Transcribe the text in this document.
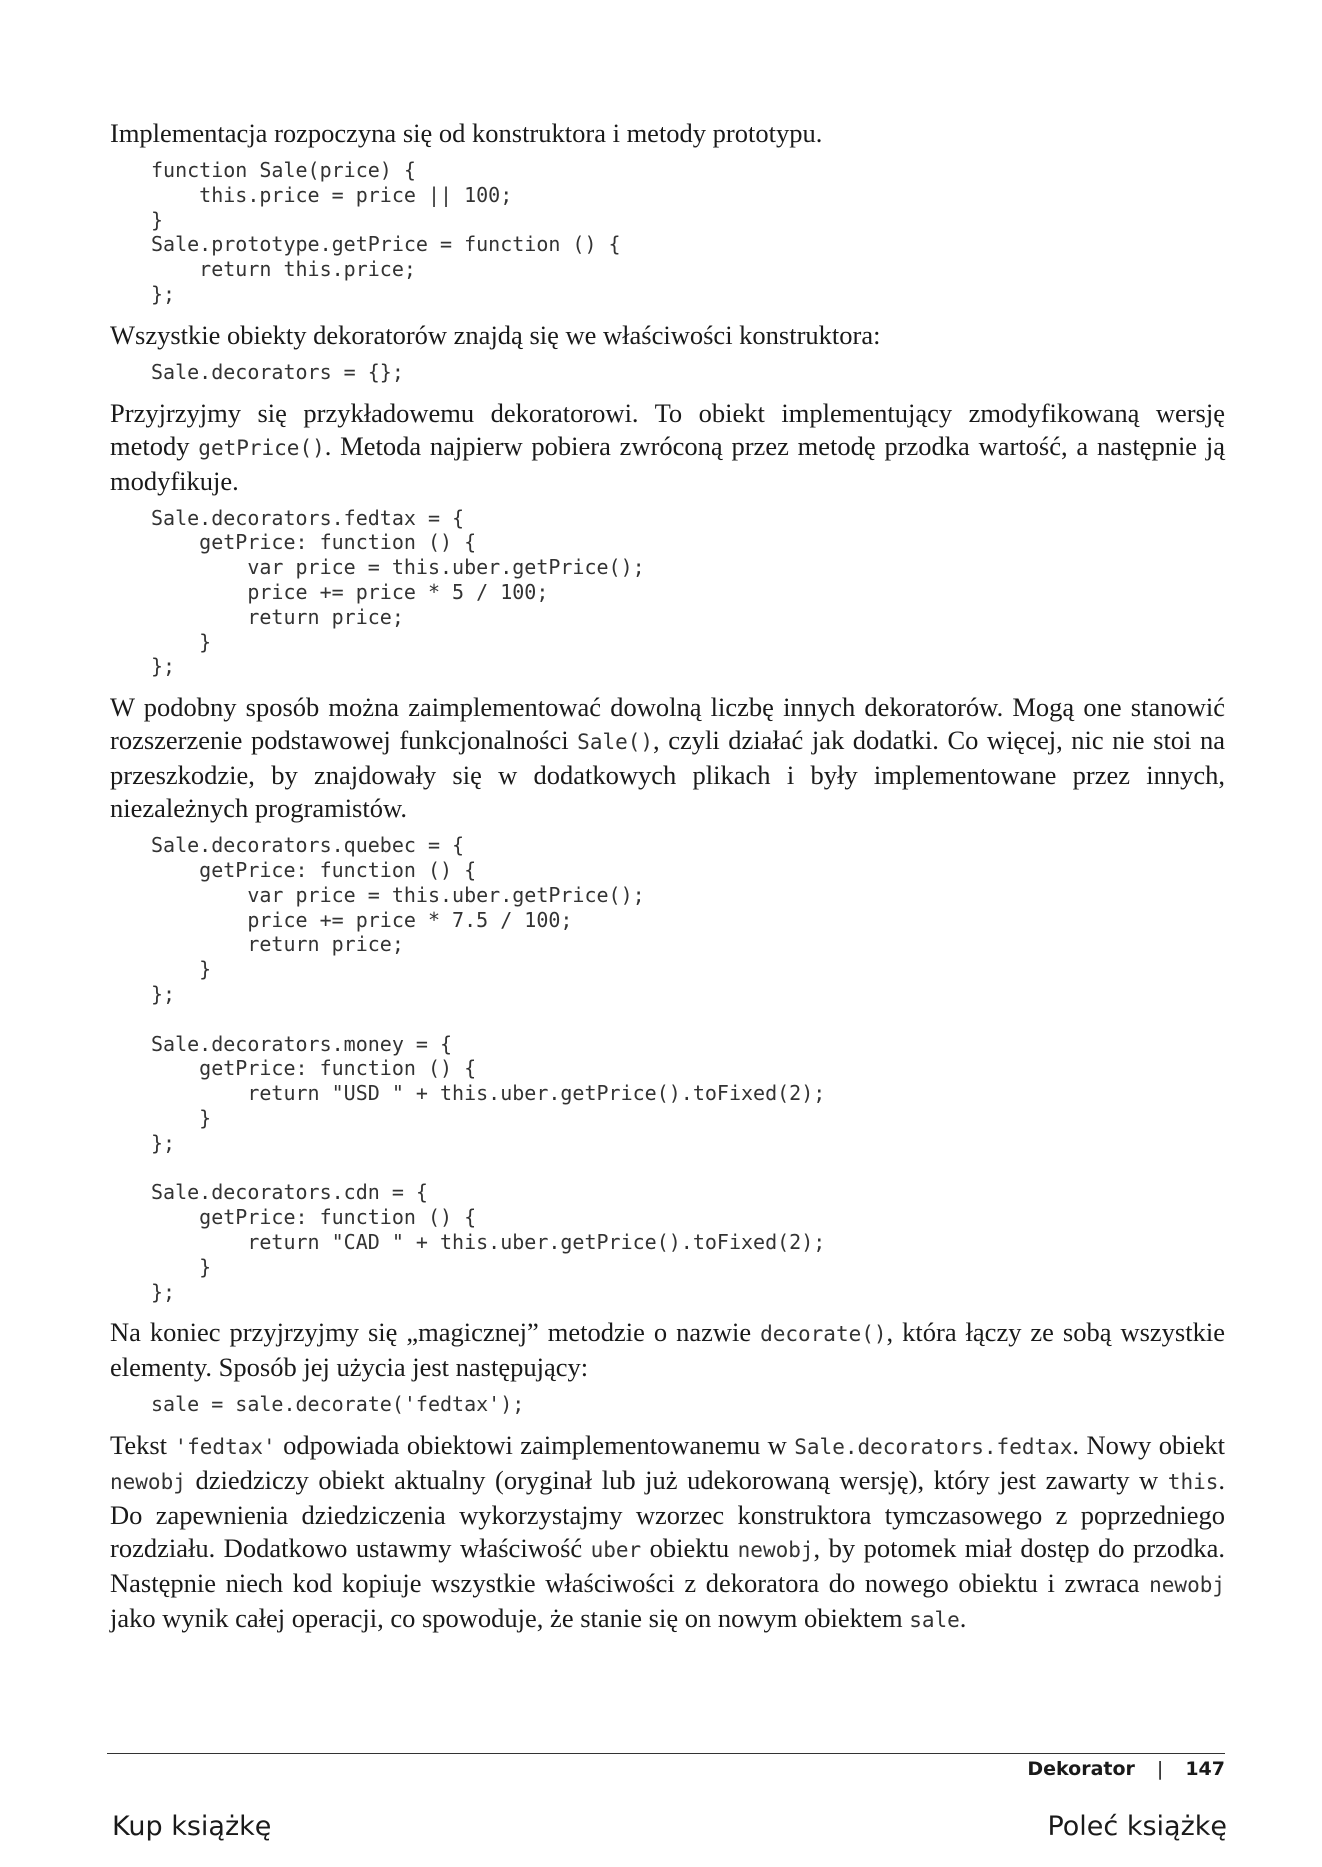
Implementacja rozpoczyna się od konstruktora i metody prototypu.

function Sale(price) {
this.price = price || 100;
}
Sale.prototype.getPrice = function () {
return this.price;
};

Wszystkie obiekty dekoratorów znajdą się we właściwości konstruktora:

Sale.decorators = {};

Przyjrzyjmy się przykładowemu dekoratorowi. To obiekt implementujący zmodyfikowaną wersję metody getPrice(). Metoda najpierw pobiera zwróconą przez metodę przodka wartość, a następnie ją modyfikuje.

Sale.decorators.fedtax = {
getPrice: function () {
var price = this.uber.getPrice();
price += price * 5 / 100;
return price;
}
};

W podobny sposób można zaimplementować dowolną liczbę innych dekoratorów. Mogą one stanowić rozszerzenie podstawowej funkcjonalności Sale(), czyli działać jak dodatki. Co więcej, nic nie stoi na przeszkodzie, by znajdowały się w dodatkowych plikach i były implementowane przez innych, niezależnych programistów.

Sale.decorators.quebec = {
getPrice: function () {
var price = this.uber.getPrice();
price += price * 7.5 / 100;
return price;
}
};

Sale.decorators.money = {
getPrice: function () {
return "USD " + this.uber.getPrice().toFixed(2);
}
};

Sale.decorators.cdn = {
getPrice: function () {
return "CAD " + this.uber.getPrice().toFixed(2);
}
};

Na koniec przyjrzyjmy się „magicznej” metodzie o nazwie decorate(), która łączy ze sobą wszystkie elementy. Sposób jej użycia jest następujący:

sale = sale.decorate('fedtax');

Tekst 'fedtax' odpowiada obiektowi zaimplementowanemu w Sale.decorators.fedtax. Nowy obiekt newobj dziedziczy obiekt aktualny (oryginał lub już udekorowaną wersję), który jest zawarty w this. Do zapewnienia dziedziczenia wykorzystajmy wzorzec konstruktora tymczasowego z poprzedniego rozdziału. Dodatkowo ustawmy właściwość uber obiektu newobj, by potomek miał dostęp do przodka. Następnie niech kod kopiuje wszystkie właściwości z dekoratora do nowego obiektu i zwraca newobj jako wynik całej operacji, co spowoduje, że stanie się on nowym obiektem sale.

Dekorator | 147
Kup książkę	Poleć książkę
